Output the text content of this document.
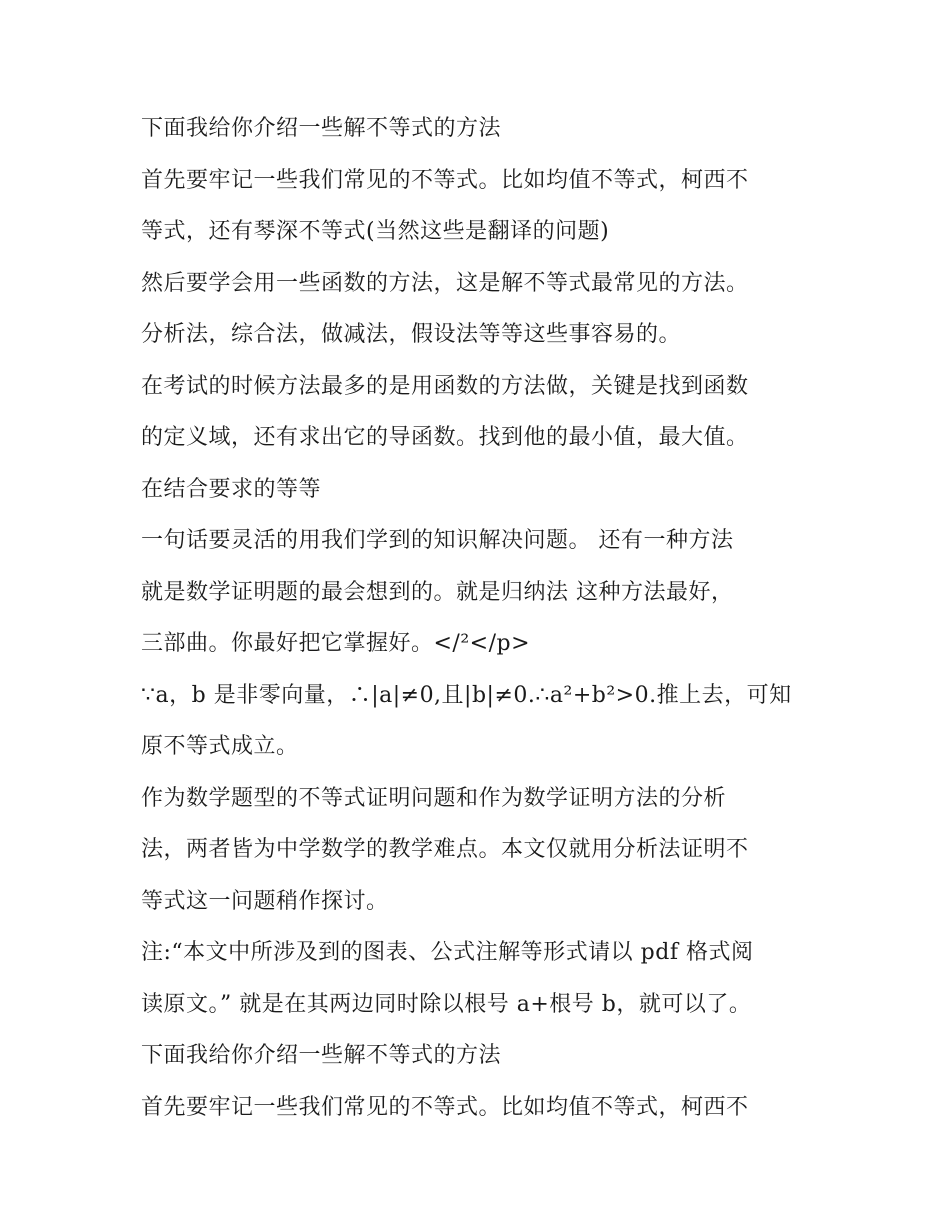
下面我给你介绍一些解不等式的方法
首先要牢记一些我们常见的不等式。比如均值不等式，柯西不
等式，还有琴深不等式(当然这些是翻译的问题)
然后要学会用一些函数的方法，这是解不等式最常见的方法。
分析法，综合法，做减法，假设法等等这些事容易的。
在考试的时候方法最多的是用函数的方法做，关键是找到函数
的定义域，还有求出它的导函数。找到他的最小值，最大值。
在结合要求的等等
一句话要灵活的用我们学到的知识解决问题。 还有一种方法
就是数学证明题的最会想到的。就是归纳法 这种方法最好，
三部曲。你最好把它掌握好。</²</p>
∵a，b 是非零向量，∴|a|≠0,且|b|≠0.∴a²+b²>0.推上去，可知
原不等式成立。
作为数学题型的不等式证明问题和作为数学证明方法的分析
法，两者皆为中学数学的教学难点。本文仅就用分析法证明不
等式这一问题稍作探讨。
注:“本文中所涉及到的图表、公式注解等形式请以 pdf 格式阅
读原文。” 就是在其两边同时除以根号 a+根号 b，就可以了。
下面我给你介绍一些解不等式的方法
首先要牢记一些我们常见的不等式。比如均值不等式，柯西不
